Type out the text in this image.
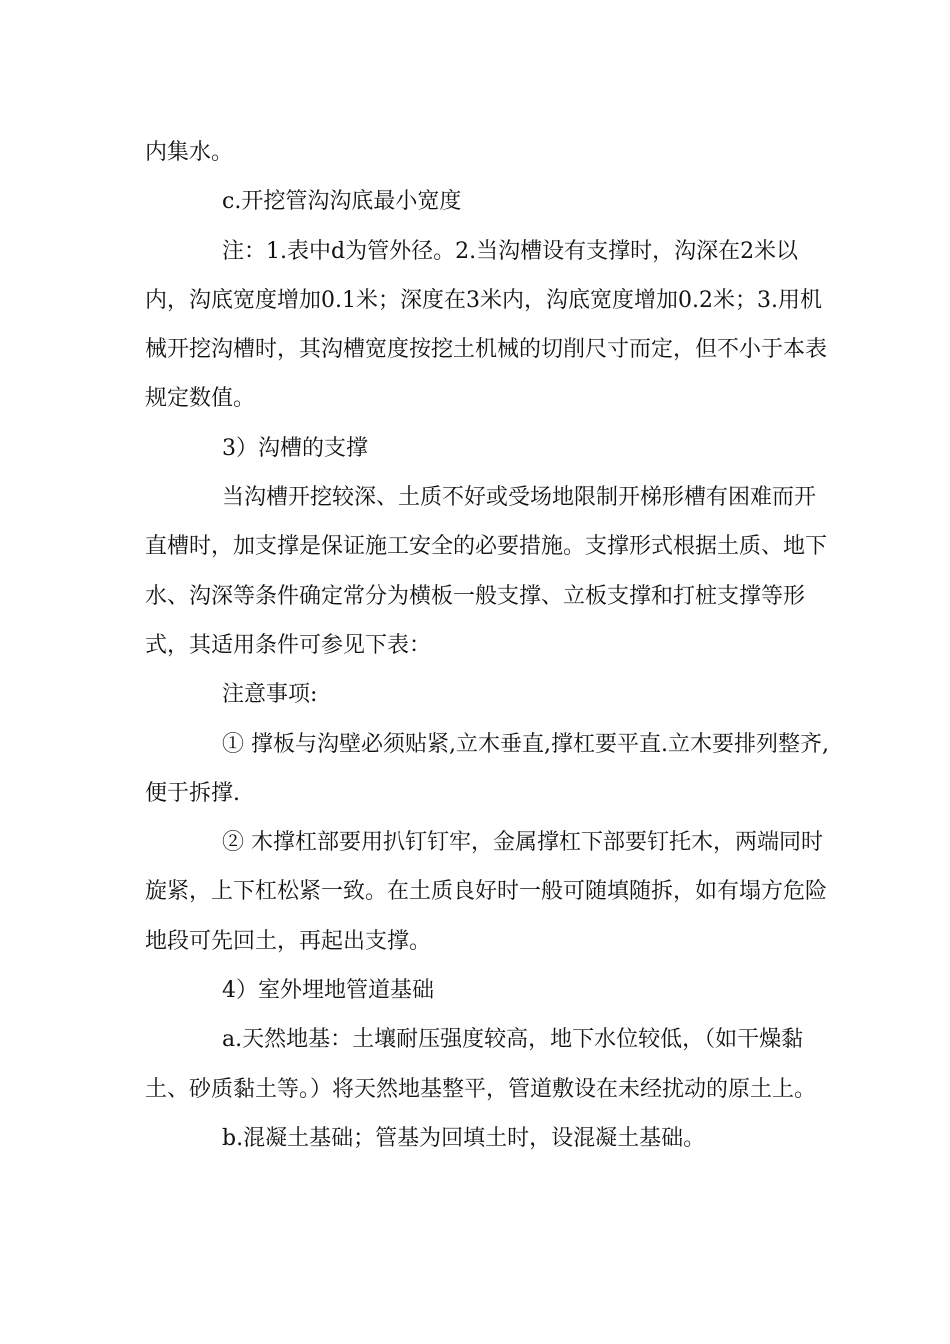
内集水。

c.开挖管沟沟底最小宽度

注：1.表中d为管外径。2.当沟槽设有支撑时，沟深在2米以内，沟底宽度增加0.1米；深度在3米内，沟底宽度增加0.2米；3.用机械开挖沟槽时，其沟槽宽度按挖土机械的切削尺寸而定，但不小于本表规定数值。

3）沟槽的支撑

当沟槽开挖较深、土质不好或受场地限制开梯形槽有困难而开直槽时，加支撑是保证施工安全的必要措施。支撑形式根据土质、地下水、沟深等条件确定常分为横板一般支撑、立板支撑和打桩支撑等形式，其适用条件可参见下表：

注意事项:

① 撑板与沟壁必须贴紧,立木垂直,撑杠要平直.立木要排列整齐,便于拆撑.

② 木撑杠部要用扒钉钉牢，金属撑杠下部要钉托木，两端同时旋紧，上下杠松紧一致。在土质良好时一般可随填随拆，如有塌方危险地段可先回土，再起出支撑。

4）室外埋地管道基础

a.天然地基：土壤耐压强度较高，地下水位较低，（如干燥黏土、砂质黏土等。）将天然地基整平，管道敷设在未经扰动的原土上。

b.混凝土基础；管基为回填土时，设混凝土基础。
